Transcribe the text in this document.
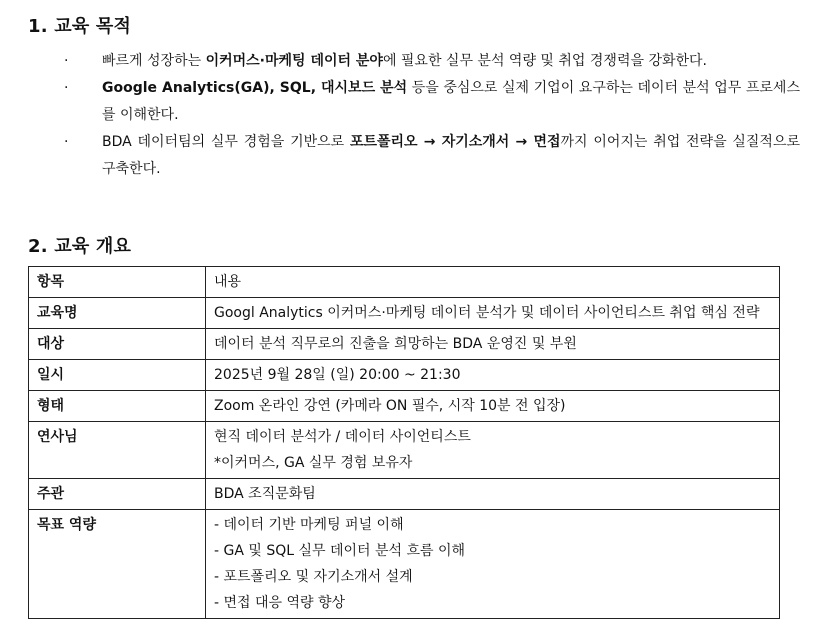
1. 교육 목적
· 빠르게 성장하는 이커머스·마케팅 데이터 분야에 필요한 실무 분석 역량 및 취업 경쟁력을 강화한다.
· Google Analytics(GA), SQL, 대시보드 분석 등을 중심으로 실제 기업이 요구하는 데이터 분석 업무 프로세스를 이해한다.
· BDA 데이터팀의 실무 경험을 기반으로 포트폴리오 → 자기소개서 → 면접까지 이어지는 취업 전략을 실질적으로 구축한다.
2. 교육 개요
항목	내용
교육명	Googl Analytics 이커머스·마케팅 데이터 분석가 및 데이터 사이언티스트 취업 핵심 전략

대상	데이터 분석 직무로의 진출을 희망하는 BDA 운영진 및 부원

일시	2025년 9월 28일 (일) 20:00 ~ 21:30

형태	Zoom 온라인 강연 (카메라 ON 필수, 시작 10분 전 입장)

연사님	현직 데이터 분석가 / 데이터 사이언티스트
*이커머스, GA 실무 경험 보유자

주관	BDA 조직문화팀

목표 역량	- 데이터 기반 마케팅 퍼널 이해
- GA 및 SQL 실무 데이터 분석 흐름 이해
- 포트폴리오 및 자기소개서 설계
- 면접 대응 역량 향상
